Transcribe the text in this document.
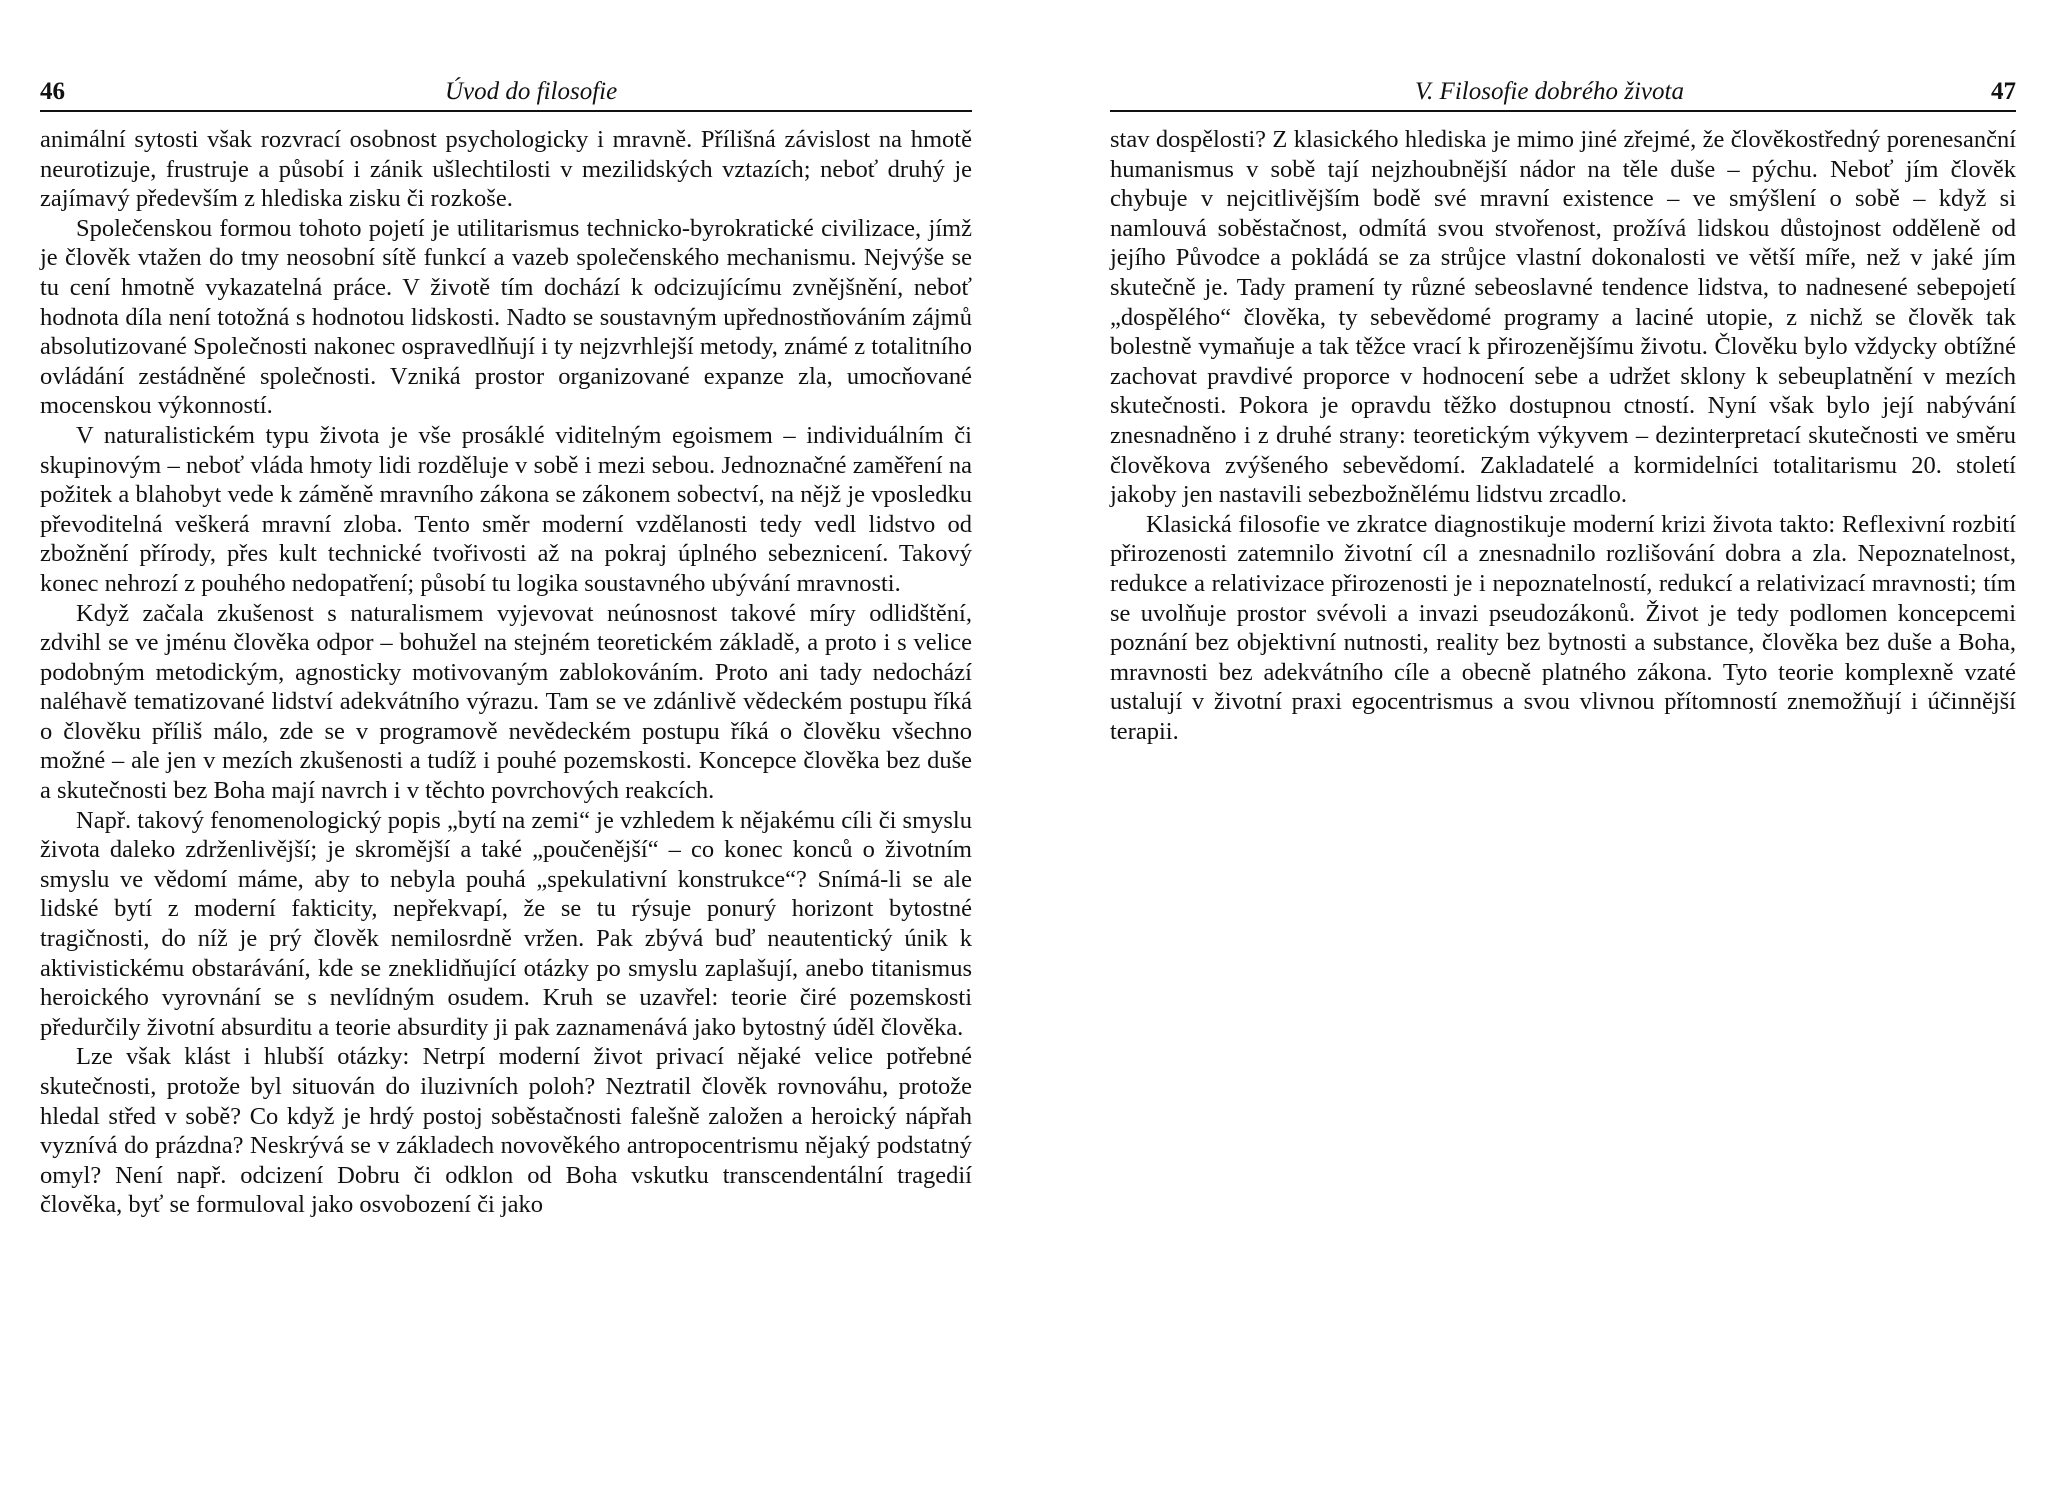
46	Úvod do filosofie

animální sytosti však rozvrací osobnost psychologicky i mravně. Přílišná závislost na hmotě neurotizuje, frustruje a působí i zánik ušlechtilosti v mezilidských vztazích; neboť druhý je zajímavý především z hlediska zisku či rozkoše.

Společenskou formou tohoto pojetí je utilitarismus technicko-byrokratické civilizace, jímž je člověk vtažen do tmy neosobní sítě funkcí a vazeb společenského mechanismu. Nejvýše se tu cení hmotně vykazatelná práce. V životě tím dochází k odcizujícímu zvnějšnění, neboť hodnota díla není totožná s hodnotou lidskosti. Nadto se soustavným upřednostňováním zájmů absolutizované Společnosti nakonec ospravedlňují i ty nejzvrhlejší metody, známé z totalitního ovládání zestádněné společnosti. Vzniká prostor organizované expanze zla, umocňované mocenskou výkonností.

V naturalistickém typu života je vše prosáklé viditelným egoismem – individuálním či skupinovým – neboť vláda hmoty lidi rozděluje v sobě i mezi sebou. Jednoznačné zaměření na požitek a blahobyt vede k záměně mravního zákona se zákonem sobectví, na nějž je vposledku převoditelná veškerá mravní zloba. Tento směr moderní vzdělanosti tedy vedl lidstvo od zbožnění přírody, přes kult technické tvořivosti až na pokraj úplného sebeznicení. Takový konec nehrozí z pouhého nedopatření; působí tu logika soustavného ubývání mravnosti.

Když začala zkušenost s naturalismem vyjevovat neúnosnost takové míry odlidštění, zdvihl se ve jménu člověka odpor – bohužel na stejném teoretickém základě, a proto i s velice podobným metodickým, agnosticky motivovaným zablokováním. Proto ani tady nedochází naléhavě tematizované lidství adekvátního výrazu. Tam se ve zdánlivě vědeckém postupu říká o člověku příliš málo, zde se v programově nevědeckém postupu říká o člověku všechno možné – ale jen v mezích zkušenosti a tudíž i pouhé pozemskosti. Koncepce člověka bez duše a skutečnosti bez Boha mají navrch i v těchto povrchových reakcích.

Např. takový fenomenologický popis „bytí na zemi“ je vzhledem k nějakému cíli či smyslu života daleko zdrženlivější; je skromější a také „poučenější“ – co konec konců o životním smyslu ve vědomí máme, aby to nebyla pouhá „spekulativní konstrukce“? Snímá-li se ale lidské bytí z moderní fakticity, nepřekvapí, že se tu rýsuje ponurý horizont bytostné tragičnosti, do níž je prý člověk nemilosrdně vržen. Pak zbývá buď neautentický únik k aktivistickému obstarávání, kde se zneklidňující otázky po smyslu zaplašují, anebo titanismus heroického vyrovnání se s nevlídným osudem. Kruh se uzavřel: teorie čiré pozemskosti předurčily životní absurditu a teorie absurdity ji pak zaznamenává jako bytostný úděl člověka.

Lze však klást i hlubší otázky: Netrpí moderní život privací nějaké velice potřebné skutečnosti, protože byl situován do iluzivních poloh? Neztratil člověk rovnováhu, protože hledal střed v sobě? Co když je hrdý postoj soběstačnosti falešně založen a heroický nápřah vyznívá do prázdna? Neskrývá se v základech novověkého antropocentrismu nějaký podstatný omyl? Není např. odcizení Dobru či odklon od Boha vskutku transcendentální tragedií člověka, byť se formuloval jako osvobození či jako

V. Filosofie dobrého života	47

stav dospělosti? Z klasického hlediska je mimo jiné zřejmé, že člověkostředný porenesanční humanismus v sobě tají nejzhoubnější nádor na těle duše – pýchu. Neboť jím člověk chybuje v nejcitlivějším bodě své mravní existence – ve smýšlení o sobě – když si namlouvá soběstačnost, odmítá svou stvořenost, prožívá lidskou důstojnost odděleně od jejího Původce a pokládá se za strůjce vlastní dokonalosti ve větší míře, než v jaké jím skutečně je. Tady pramení ty různé sebeoslavné tendence lidstva, to nadnesené sebepojetí „dospělého“ člověka, ty sebevědomé programy a laciné utopie, z nichž se člověk tak bolestně vymaňuje a tak těžce vrací k přirozenějšímu životu. Člověku bylo vždycky obtížné zachovat pravdivé proporce v hodnocení sebe a udržet sklony k sebeuplatnění v mezích skutečnosti. Pokora je opravdu těžko dostupnou ctností. Nyní však bylo její nabývání znesnadněno i z druhé strany: teoretickým výkyvem – dezinterpretací skutečnosti ve směru člověkova zvýšeného sebevědomí. Zakladatelé a kormidelníci totalitarismu 20. století jakoby jen nastavili sebezbožnělému lidstvu zrcadlo.

Klasická filosofie ve zkratce diagnostikuje moderní krizi života takto: Reflexivní rozbití přirozenosti zatemnilo životní cíl a znesnadnilo rozlišování dobra a zla. Nepoznatelnost, redukce a relativizace přirozenosti je i nepoznatelností, redukcí a relativizací mravnosti; tím se uvolňuje prostor svévoli a invazi pseudozákonů. Život je tedy podlomen koncepcemi poznání bez objektivní nutnosti, reality bez bytnosti a substance, člověka bez duše a Boha, mravnosti bez adekvátního cíle a obecně platného zákona. Tyto teorie komplexně vzaté ustalují v životní praxi egocentrismus a svou vlivnou přítomností znemožňují i účinnější terapii.
